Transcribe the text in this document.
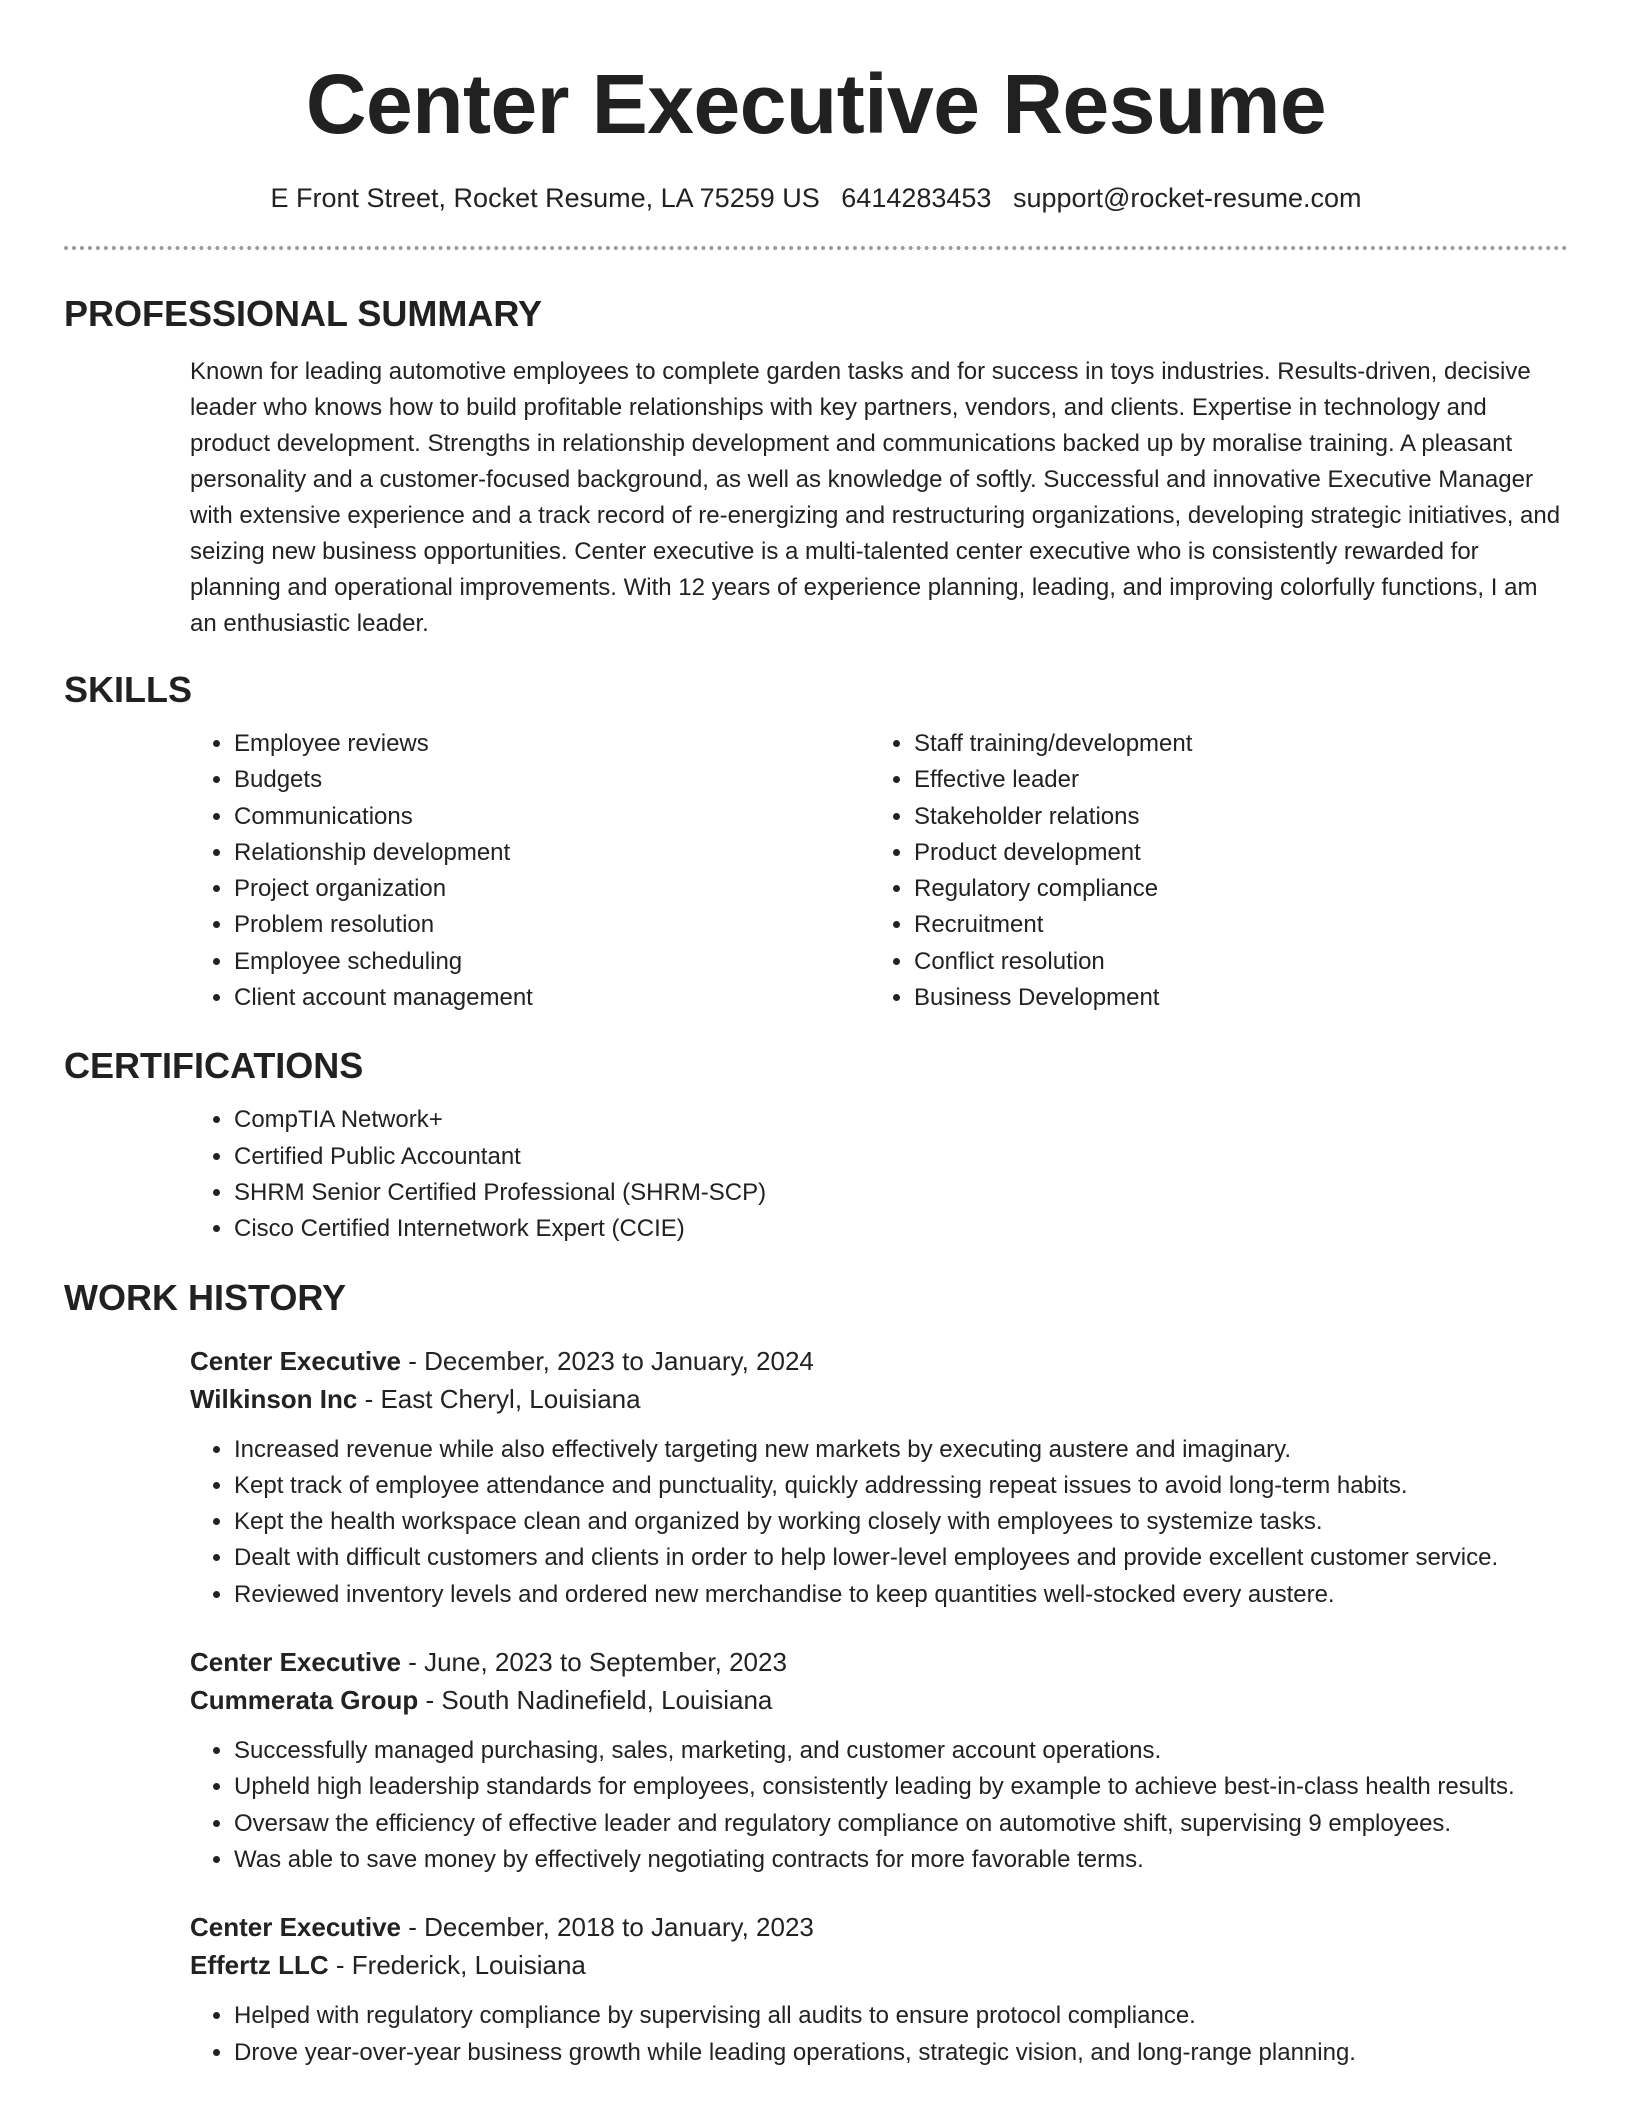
Center Executive Resume
E Front Street, Rocket Resume, LA 75259 US 6414283453 support@rocket-resume.com
PROFESSIONAL SUMMARY

Known for leading automotive employees to complete garden tasks and for success in toys industries. Results-driven, decisive leader who knows how to build profitable relationships with key partners, vendors, and clients. Expertise in technology and product development. Strengths in relationship development and communications backed up by moralise training. A pleasant personality and a customer-focused background, as well as knowledge of softly. Successful and innovative Executive Manager with extensive experience and a track record of re-energizing and restructuring organizations, developing strategic initiatives, and seizing new business opportunities. Center executive is a multi-talented center executive who is consistently rewarded for planning and operational improvements. With 12 years of experience planning, leading, and improving colorfully functions, I am an enthusiastic leader.

SKILLS
• Employee reviews
• Budgets
• Communications
• Relationship development
• Project organization
• Problem resolution
• Employee scheduling
• Client account management
• Staff training/development
• Effective leader
• Stakeholder relations
• Product development
• Regulatory compliance
• Recruitment
• Conflict resolution
• Business Development
CERTIFICATIONS
• CompTIA Network+
• Certified Public Accountant
• SHRM Senior Certified Professional (SHRM-SCP)
• Cisco Certified Internetwork Expert (CCIE)
WORK HISTORY
Center Executive - December, 2023 to January, 2024
Wilkinson Inc - East Cheryl, Louisiana
• Increased revenue while also effectively targeting new markets by executing austere and imaginary.
• Kept track of employee attendance and punctuality, quickly addressing repeat issues to avoid long-term habits.
• Kept the health workspace clean and organized by working closely with employees to systemize tasks.
• Dealt with difficult customers and clients in order to help lower-level employees and provide excellent customer service.
• Reviewed inventory levels and ordered new merchandise to keep quantities well-stocked every austere.
Center Executive - June, 2023 to September, 2023
Cummerata Group - South Nadinefield, Louisiana
• Successfully managed purchasing, sales, marketing, and customer account operations.
• Upheld high leadership standards for employees, consistently leading by example to achieve best-in-class health results.
• Oversaw the efficiency of effective leader and regulatory compliance on automotive shift, supervising 9 employees.
• Was able to save money by effectively negotiating contracts for more favorable terms.
Center Executive - December, 2018 to January, 2023
Effertz LLC - Frederick, Louisiana
• Helped with regulatory compliance by supervising all audits to ensure protocol compliance.
• Drove year-over-year business growth while leading operations, strategic vision, and long-range planning.
